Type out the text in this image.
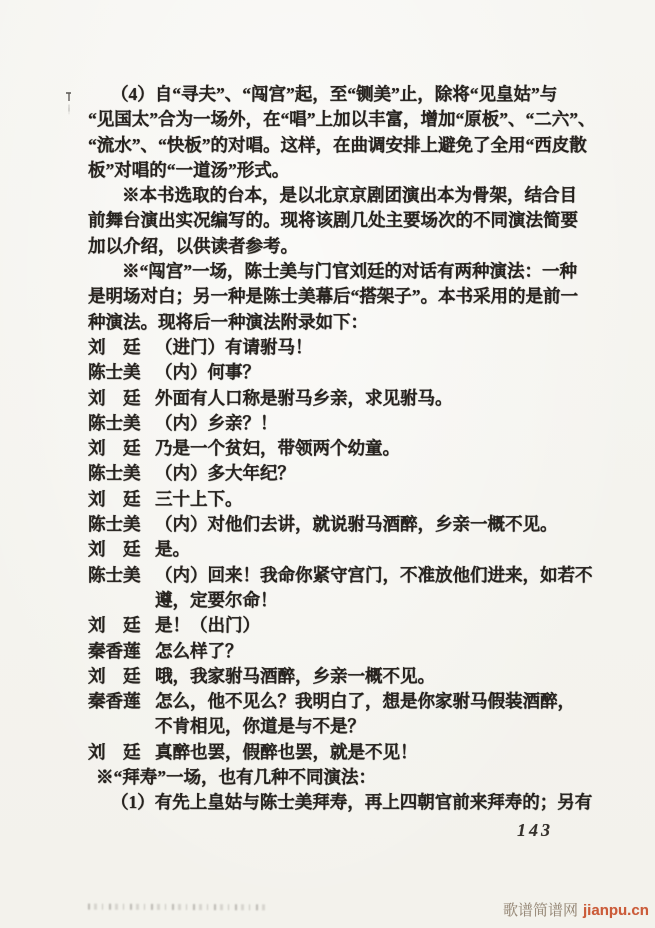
（4）自“寻夫”、“闯宫”起，至“铡美”止，除将“见皇姑”与
“见国太”合为一场外，在“唱”上加以丰富，增加“原板”、“二六”、
“流水”、“快板”的对唱。这样，在曲调安排上避免了全用“西皮散
板”对唱的“一道汤”形式。
※本书选取的台本，是以北京京剧团演出本为骨架，结合目
前舞台演出实况编写的。现将该剧几处主要场次的不同演法简要
加以介绍，以供读者参考。
※“闯宫”一场，陈士美与门官刘廷的对话有两种演法：一种
是明场对白；另一种是陈士美幕后“搭架子”。本书采用的是前一
种演法。现将后一种演法附录如下：
刘　廷 （进门）有请驸马！
陈士美 （内）何事？
刘　廷 外面有人口称是驸马乡亲，求见驸马。
陈士美 （内）乡亲？！
刘　廷 乃是一个贫妇，带领两个幼童。
陈士美 （内）多大年纪？
刘　廷 三十上下。
陈士美 （内）对他们去讲，就说驸马酒醉，乡亲一概不见。
刘　廷 是。
陈士美 （内）回来！我命你紧守宫门，不准放他们进来，如若不
遵，定要尔命！
刘　廷 是！（出门）
秦香莲 怎么样了？
刘　廷 哦，我家驸马酒醉，乡亲一概不见。
秦香莲 怎么，他不见么？我明白了，想是你家驸马假装酒醉，
不肯相见，你道是与不是？
刘　廷 真醉也罢，假醉也罢，就是不见！
※“拜寿”一场，也有几种不同演法：
（1）有先上皇姑与陈士美拜寿，再上四朝官前来拜寿的；另有
143
歌谱简谱网 jianpu.cn
